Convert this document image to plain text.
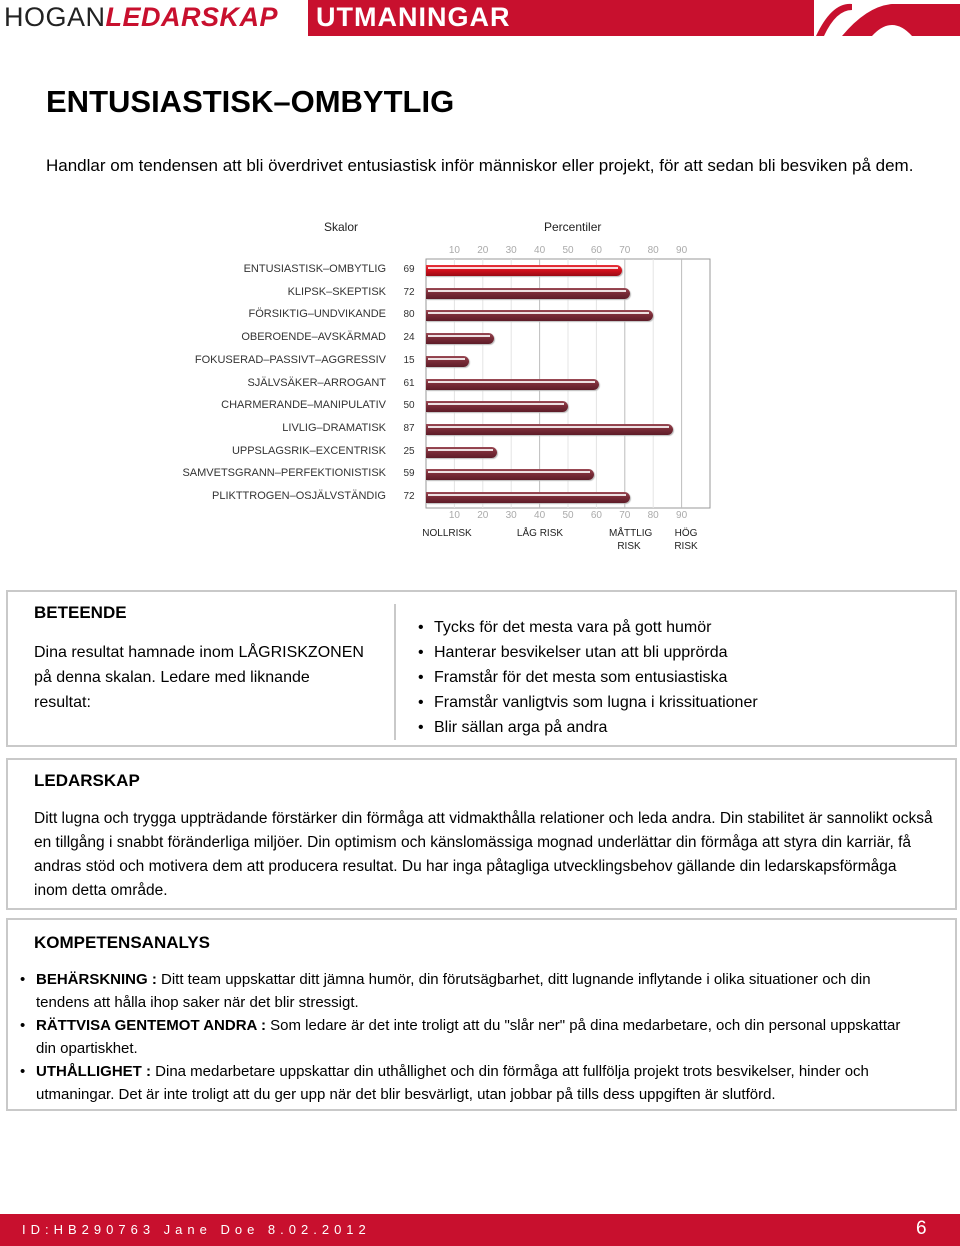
HOGANLEDARSKAP UTMANINGAR
ENTUSIASTISK–OMBYTLIG
Handlar om tendensen att bli överdrivet entusiastisk inför människor eller projekt, för att sedan bli besviken på dem.
Skalor	Percentiler
10
10
20
20
30
30
40
40
50
50
60
60
70
70
80
80
90
90
ENTUSIASTISK–OMBYTLIG	69
KLIPSK–SKEPTISK	72
FÖRSIKTIG–UNDVIKANDE	80
OBEROENDE–AVSKÄRMAD	24
FOKUSERAD–PASSIVT–AGGRESSIV	15
SJÄLVSÄKER–ARROGANT	61
CHARMERANDE–MANIPULATIV	50
LIVLIG–DRAMATISK	87
UPPSLAGSRIK–EXCENTRISK	25
SAMVETSGRANN–PERFEKTIONISTISK	59
PLIKTTROGEN–OSJÄLVSTÄNDIG	72
NOLLRISK	LÅG RISK	MÅTTLIG RISK
HÖG RISK
BETEENDE
Dina resultat hamnade inom LÅGRISKZONEN på denna skalan. Ledare med liknande resultat:
• Tycks för det mesta vara på gott humör
• Hanterar besvikelser utan att bli upprörda
• Framstår för det mesta som entusiastiska
• Framstår vanligtvis som lugna i krissituationer
• Blir sällan arga på andra
LEDARSKAP
Ditt lugna och trygga uppträdande förstärker din förmåga att vidmakthålla relationer och leda andra. Din stabilitet är sannolikt också en tillgång i snabbt föränderliga miljöer. Din optimism och känslomässiga mognad underlättar din förmåga att styra din karriär, få andras stöd och motivera dem att producera resultat. Du har inga påtagliga utvecklingsbehov gällande din ledarskapsförmåga inom detta område.
KOMPETENSANALYS
• BEHÄRSKNING : Ditt team uppskattar ditt jämna humör, din förutsägbarhet, ditt lugnande inflytande i olika situationer och din tendens att hålla ihop saker när det blir stressigt.
• RÄTTVISA GENTEMOT ANDRA : Som ledare är det inte troligt att du "slår ner" på dina medarbetare, och din personal uppskattar din opartiskhet.
• UTHÅLLIGHET : Dina medarbetare uppskattar din uthållighet och din förmåga att fullfölja projekt trots besvikelser, hinder och utmaningar. Det är inte troligt att du ger upp när det blir besvärligt, utan jobbar på tills dess uppgiften är slutförd.
ID:HB290763 Jane Doe 8.02.2012	6
